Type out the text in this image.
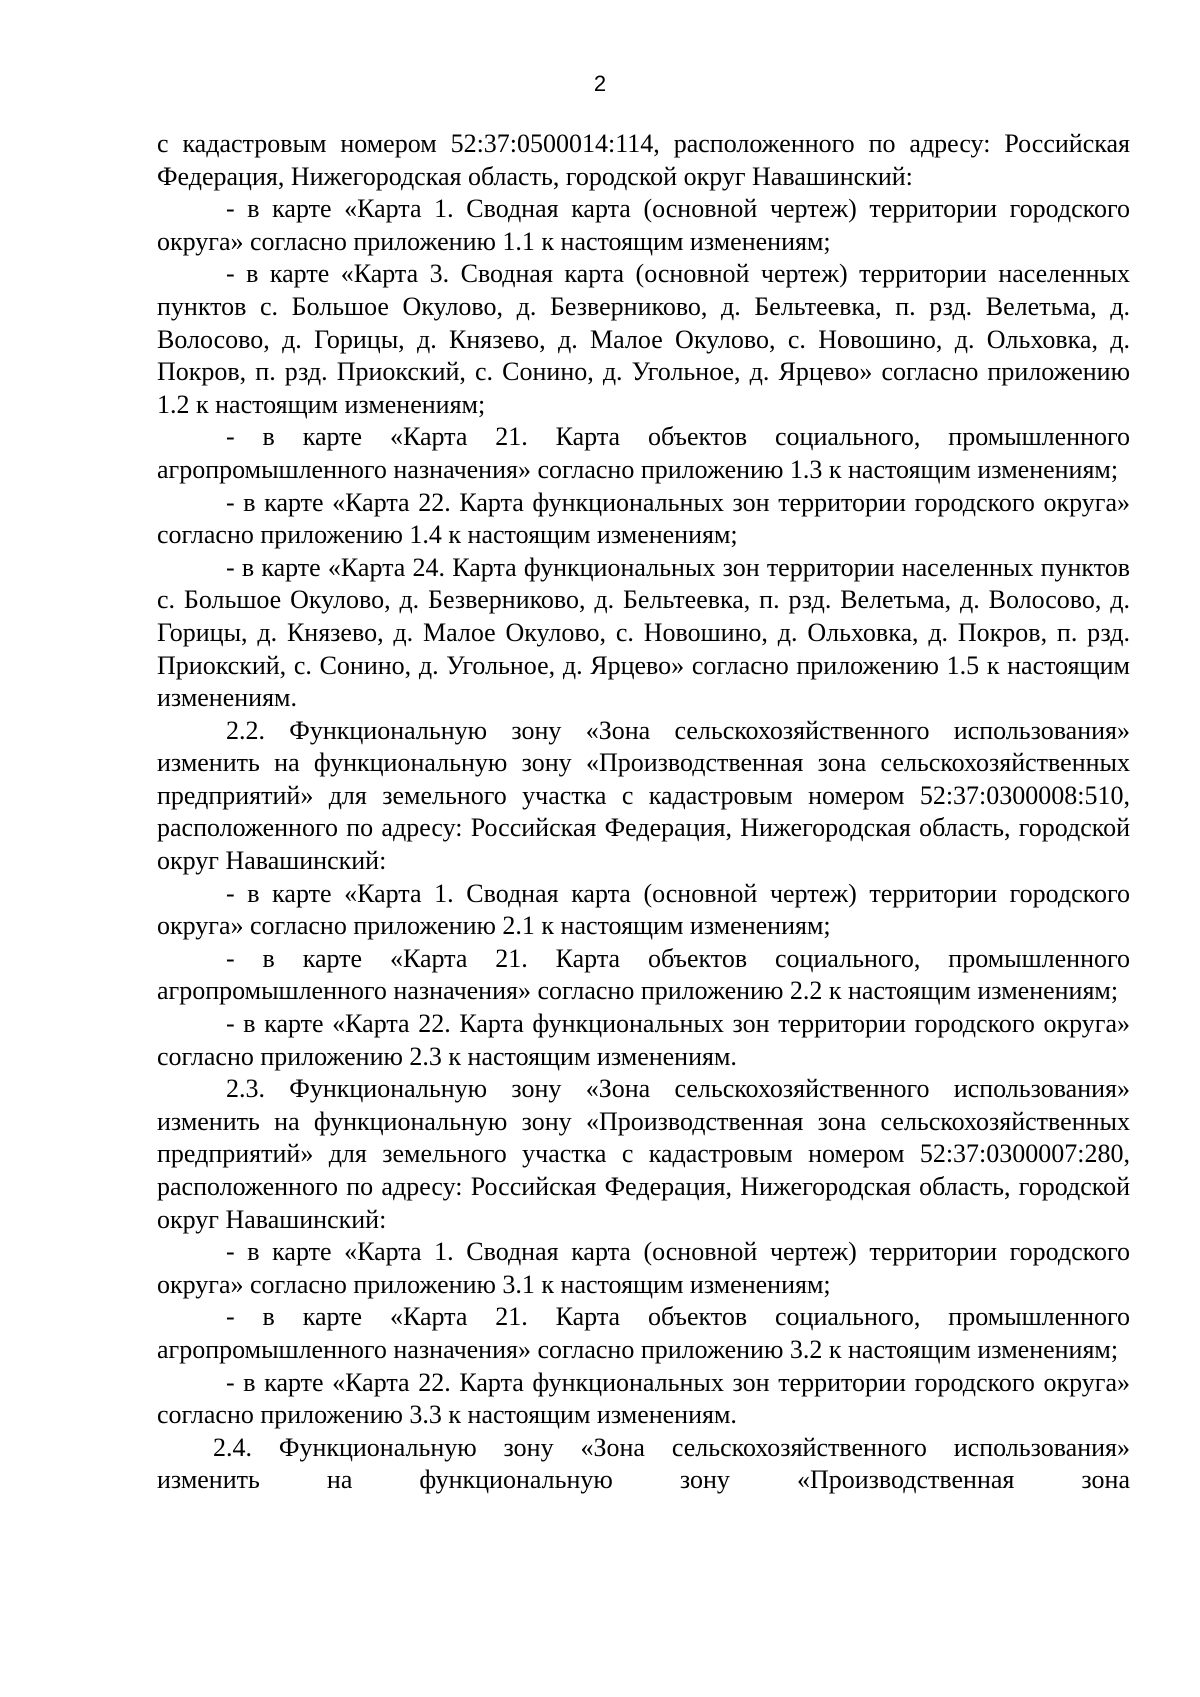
2

с кадастровым номером 52:37:0500014:114, расположенного по адресу: Российская Федерация, Нижегородская область, городской округ Навашинский:

- в карте «Карта 1. Сводная карта (основной чертеж) территории городского округа» согласно приложению 1.1 к настоящим изменениям;

- в карте «Карта 3. Сводная карта (основной чертеж) территории населенных пунктов с. Большое Окулово, д. Безверниково, д. Бельтеевка, п. рзд. Велетьма, д. Волосово, д. Горицы, д. Князево, д. Малое Окулово, с. Новошино, д. Ольховка, д. Покров, п. рзд. Приокский, с. Сонино, д. Угольное, д. Ярцево» согласно приложению 1.2 к настоящим изменениям;

- в карте «Карта 21. Карта объектов социального, промышленного агропромышленного назначения» согласно приложению 1.3 к настоящим изменениям;

- в карте «Карта 22. Карта функциональных зон территории городского округа» согласно приложению 1.4 к настоящим изменениям;

- в карте «Карта 24. Карта функциональных зон территории населенных пунктов с. Большое Окулово, д. Безверниково, д. Бельтеевка, п. рзд. Велетьма, д. Волосово, д. Горицы, д. Князево, д. Малое Окулово, с. Новошино, д. Ольховка, д. Покров, п. рзд. Приокский, с. Сонино, д. Угольное, д. Ярцево» согласно приложению 1.5 к настоящим изменениям.

2.2. Функциональную зону «Зона сельскохозяйственного использования» изменить на функциональную зону «Производственная зона сельскохозяйственных предприятий» для земельного участка с кадастровым номером 52:37:0300008:510, расположенного по адресу: Российская Федерация, Нижегородская область, городской округ Навашинский:

- в карте «Карта 1. Сводная карта (основной чертеж) территории городского округа» согласно приложению 2.1 к настоящим изменениям;

- в карте «Карта 21. Карта объектов социального, промышленного агропромышленного назначения» согласно приложению 2.2 к настоящим изменениям;

- в карте «Карта 22. Карта функциональных зон территории городского округа» согласно приложению 2.3 к настоящим изменениям.

2.3. Функциональную зону «Зона сельскохозяйственного использования» изменить на функциональную зону «Производственная зона сельскохозяйственных предприятий» для земельного участка с кадастровым номером 52:37:0300007:280, расположенного по адресу: Российская Федерация, Нижегородская область, городской округ Навашинский:

- в карте «Карта 1. Сводная карта (основной чертеж) территории городского округа» согласно приложению 3.1 к настоящим изменениям;

- в карте «Карта 21. Карта объектов социального, промышленного агропромышленного назначения» согласно приложению 3.2 к настоящим изменениям;

- в карте «Карта 22. Карта функциональных зон территории городского округа» согласно приложению 3.3 к настоящим изменениям.

2.4. Функциональную зону «Зона сельскохозяйственного использования» изменить на функциональную зону «Производственная зона
